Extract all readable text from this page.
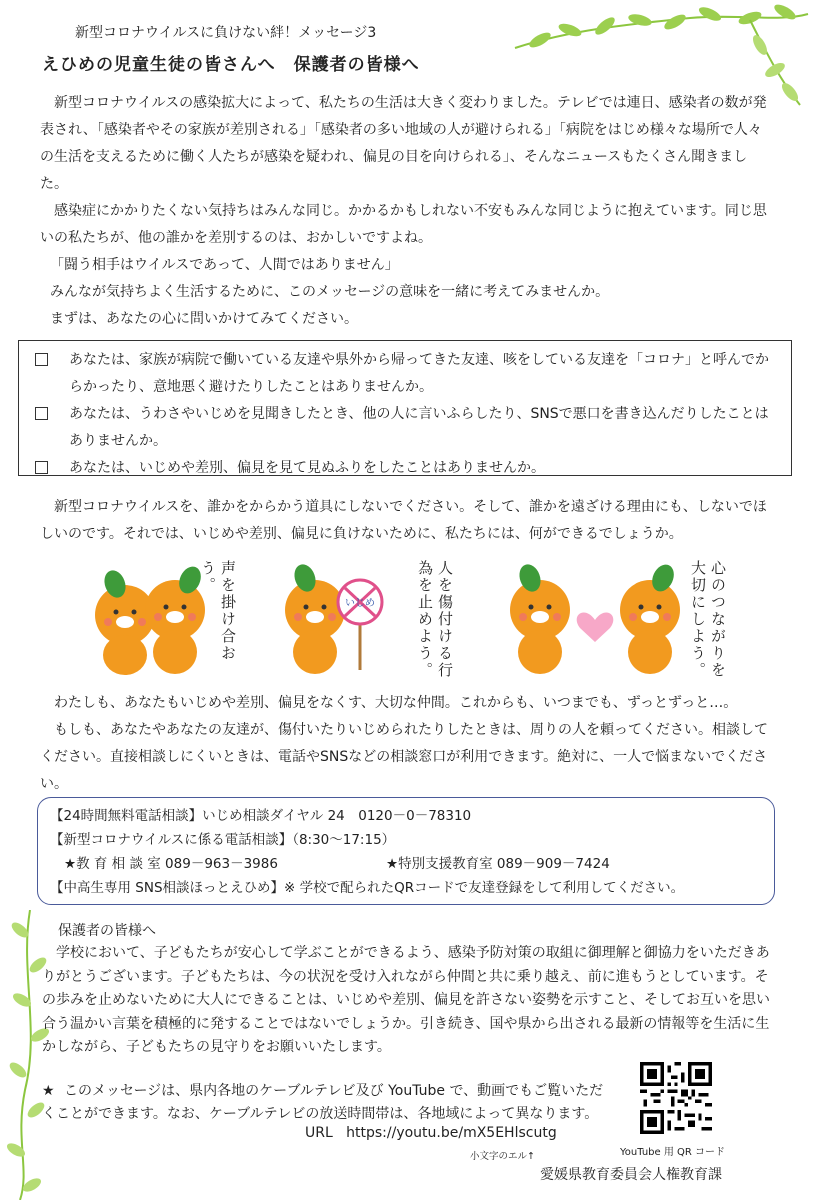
新型コロナウイルスに負けない絆！メッセージ3
えひめの児童生徒の皆さんへ　保護者の皆様へ
新型コロナウイルスの感染拡大によって、私たちの生活は大きく変わりました。テレビでは連日、感染者の数が発表され、「感染者やその家族が差別される」「感染者の多い地域の人が避けられる」「病院をはじめ様々な場所で人々の生活を支えるために働く人たちが感染を疑われ、偏見の目を向けられる」、そんなニュースもたくさん聞きました。
感染症にかかりたくない気持ちはみんな同じ。かかるかもしれない不安もみんな同じように抱えています。同じ思いの私たちが、他の誰かを差別するのは、おかしいですよね。
「闘う相手はウイルスであって、人間ではありません」
みんなが気持ちよく生活するために、このメッセージの意味を一緒に考えてみませんか。
まずは、あなたの心に問いかけてみてください。
あなたは、家族が病院で働いている友達や県外から帰ってきた友達、咳をしている友達を「コロナ」と呼んでからかったり、意地悪く避けたりしたことはありませんか。
あなたは、うわさやいじめを見聞きしたとき、他の人に言いふらしたり、SNSで悪口を書き込んだりしたことはありませんか。
あなたは、いじめや差別、偏見を見て見ぬふりをしたことはありませんか。
新型コロナウイルスを、誰かをからかう道具にしないでください。そして、誰かを遠ざける理由にも、しないでほしいのです。それでは、いじめや差別、偏見に負けないために、私たちには、何ができるでしょうか。
声を掛け合おう。
いじめ	人を傷付ける行為を止めよう。	心のつながりを大切にしよう。
わたしも、あなたもいじめや差別、偏見をなくす、大切な仲間。これからも、いつまでも、ずっとずっと…。
もしも、あなたやあなたの友達が、傷付いたりいじめられたりしたときは、周りの人を頼ってください。相談してください。直接相談しにくいときは、電話やSNSなどの相談窓口が利用できます。絶対に、一人で悩まないでください。
【24時間無料電話相談】いじめ相談ダイヤル 24　0120－0－78310
【新型コロナウイルスに係る電話相談】（8:30～17:15）
★教 育 相 談 室 089－963－3986	★特別支援教育室 089－909－7424
【中高生専用 SNS相談ほっとえひめ】※ 学校で配られたQRコードで友達登録をして利用してください。
保護者の皆様へ
学校において、子どもたちが安心して学ぶことができるよう、感染予防対策の取組に御理解と御協力をいただきありがとうございます。子どもたちは、今の状況を受け入れながら仲間と共に乗り越え、前に進もうとしています。その歩みを止めないために大人にできることは、いじめや差別、偏見を許さない姿勢を示すこと、そしてお互いを思い合う温かい言葉を積極的に発することではないでしょうか。引き続き、国や県から出される最新の情報等を生活に生かしながら、子どもたちの見守りをお願いいたします。
★ このメッセージは、県内各地のケーブルテレビ及び YouTube で、動画でもご覧いただくことができます。なお、ケーブルテレビの放送時間帯は、各地域によって異なります。
URL https://youtu.be/mX5EHlscutg
小文字のエル↑	YouTube 用 QR コード
愛媛県教育委員会人権教育課
